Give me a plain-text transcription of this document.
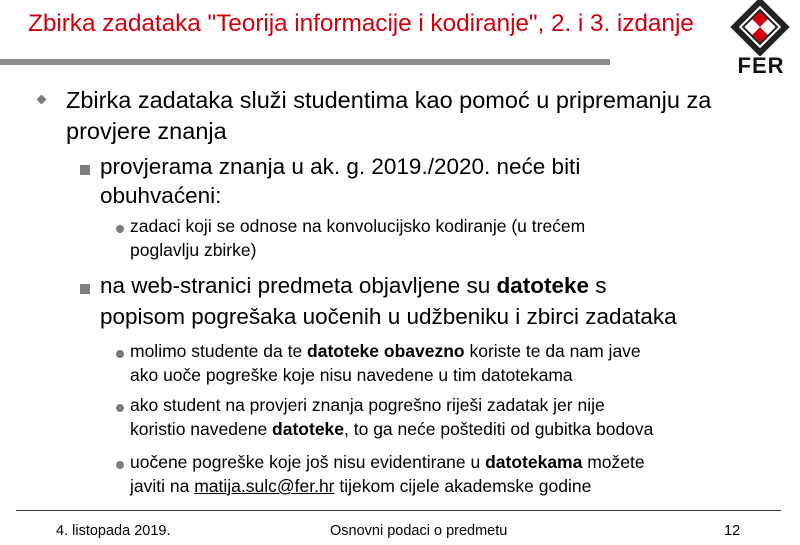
Zbirka zadataka "Teorija informacije i kodiranje", 2. i 3. izdanje
FER
Zbirka zadataka služi studentima kao pomoć u pripremanju za
provjere znanja
provjerama znanja u ak. g. 2019./2020. neće biti
obuhvaćeni:
zadaci koji se odnose na konvolucijsko kodiranje (u trećem
poglavlju zbirke)
na web-stranici predmeta objavljene su datoteke s
popisom pogrešaka uočenih u udžbeniku i zbirci zadataka
molimo studente da te datoteke obavezno koriste te da nam jave
ako uoče pogreške koje nisu navedene u tim datotekama
ako student na provjeri znanja pogrešno riješi zadatak jer nije
koristio navedene datoteke, to ga neće poštediti od gubitka bodova
uočene pogreške koje još nisu evidentirane u datotekama možete
javiti na matija.sulc@fer.hr tijekom cijele akademske godine
4. listopada 2019.	Osnovni podaci o predmetu	12
